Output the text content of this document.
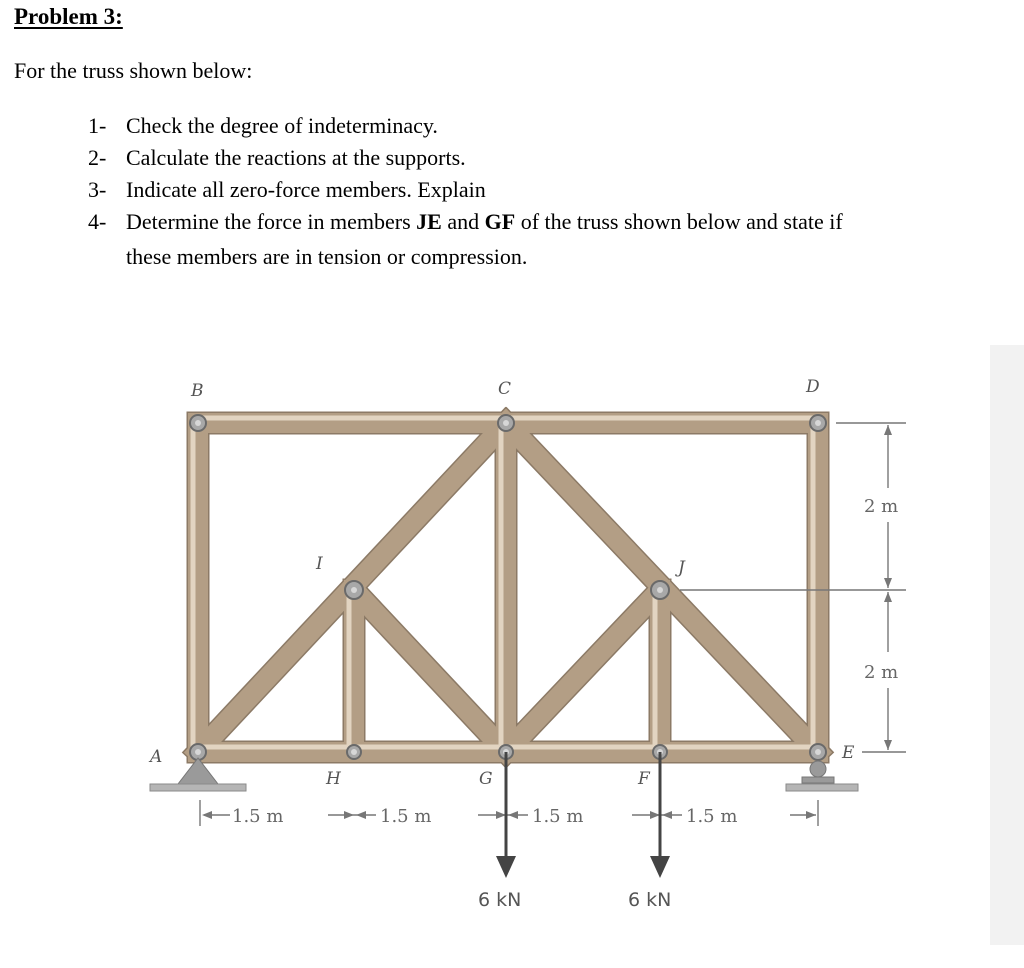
Problem 3:
For the truss shown below:
1- Check the degree of indeterminacy.
2- Calculate the reactions at the supports.
3- Indicate all zero-force members. Explain
4- Determine the force in members JE and GF of the truss shown below and state if
these members are in tension or compression.
B	C	D
I	J
A	E
H	G	F
1.5 m	1.5 m	1.5 m	1.5 m
2 m
2 m
6 kN	6 kN
